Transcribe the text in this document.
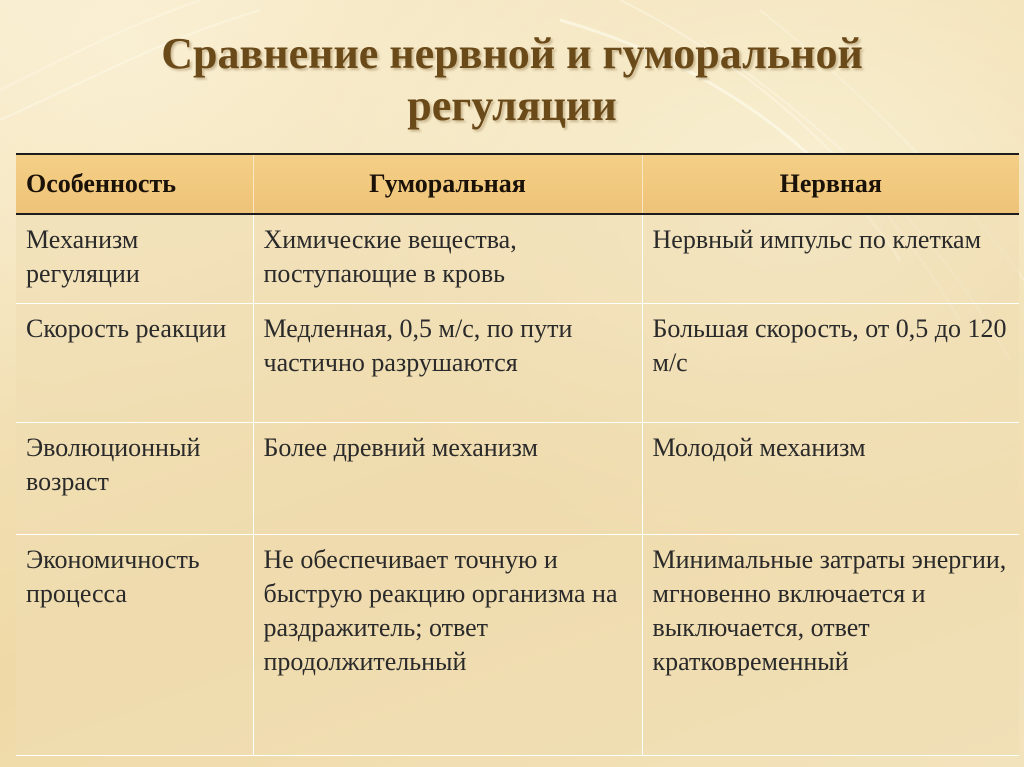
Сравнение нервной и гуморальной
регуляции
Особенность	Гуморальная	Нервная
Механизм регуляции	Химические вещества, поступающие в кровь	Нервный импульс по клеткам
Скорость реакции	Медленная, 0,5 м/с, по пути частично разрушаются	Большая скорость, от 0,5 до 120 м/с
Эволюционный возраст	Более древний механизм	Молодой механизм
Экономичность процесса	Не обеспечивает точную и быструю реакцию организма на раздражитель; ответ продолжительный	Минимальные затраты энергии, мгновенно включается и выключается, ответ кратковременный
